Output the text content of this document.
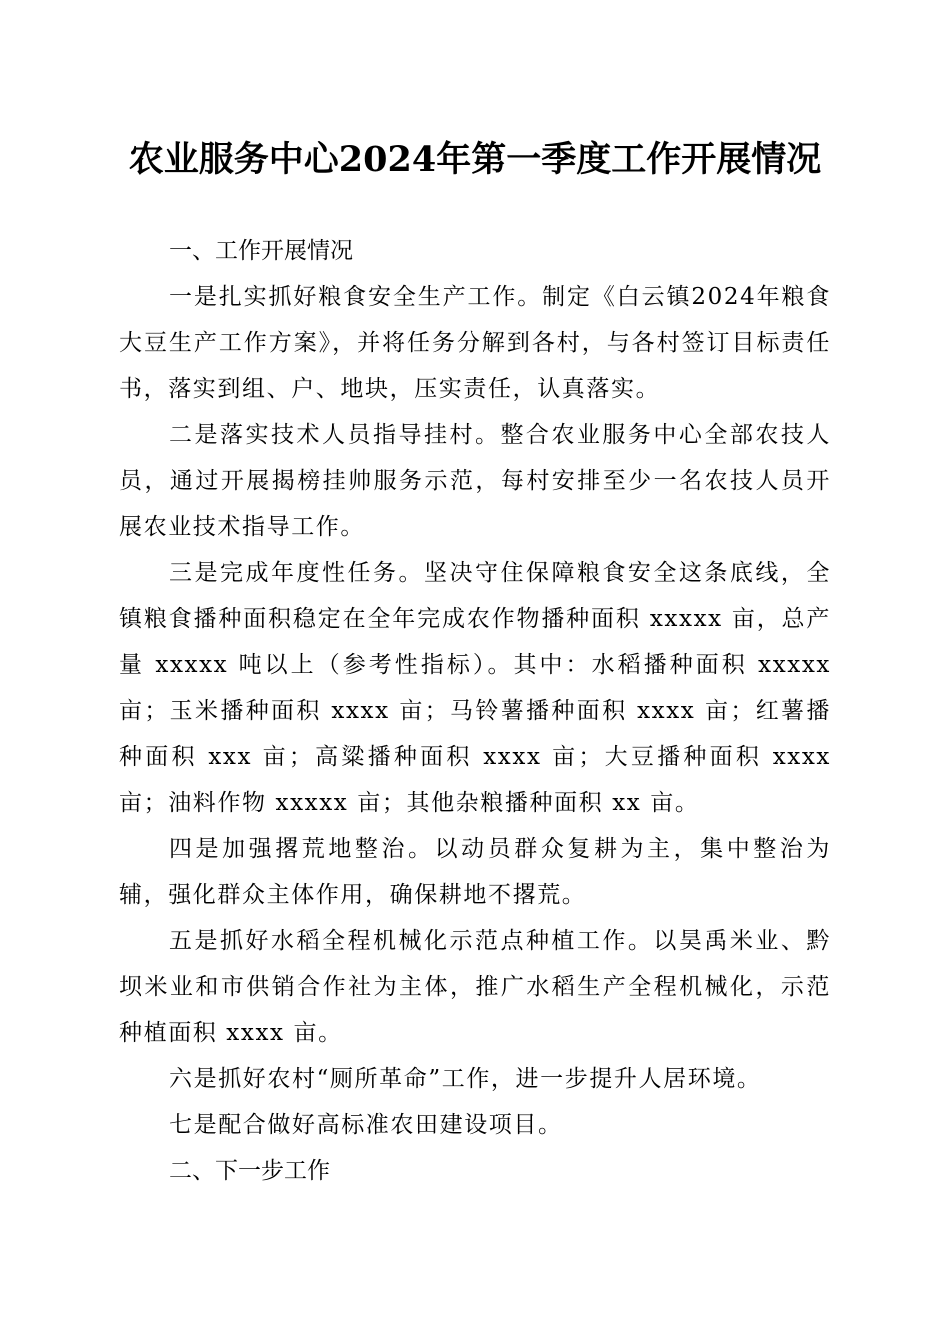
农业服务中心2024年第一季度工作开展情况

一、工作开展情况

一是扎实抓好粮食安全生产工作。制定《白云镇2024年粮食大豆生产工作方案》，并将任务分解到各村，与各村签订目标责任书，落实到组、户、地块，压实责任，认真落实。

二是落实技术人员指导挂村。整合农业服务中心全部农技人员，通过开展揭榜挂帅服务示范，每村安排至少一名农技人员开展农业技术指导工作。

三是完成年度性任务。坚决守住保障粮食安全这条底线，全镇粮食播种面积稳定在全年完成农作物播种面积 xxxxx 亩，总产量 xxxxx 吨以上（参考性指标）。其中：水稻播种面积 xxxxx 亩；玉米播种面积 xxxx 亩；马铃薯播种面积 xxxx 亩；红薯播种面积 xxx 亩；高粱播种面积 xxxx 亩；大豆播种面积 xxxx 亩；油料作物 xxxxx 亩；其他杂粮播种面积 xx 亩。

四是加强撂荒地整治。以动员群众复耕为主，集中整治为辅，强化群众主体作用，确保耕地不撂荒。

五是抓好水稻全程机械化示范点种植工作。以昊禹米业、黔坝米业和市供销合作社为主体，推广水稻生产全程机械化，示范种植面积 xxxx 亩。

六是抓好农村“厕所革命”工作，进一步提升人居环境。

七是配合做好高标准农田建设项目。

二、下一步工作
